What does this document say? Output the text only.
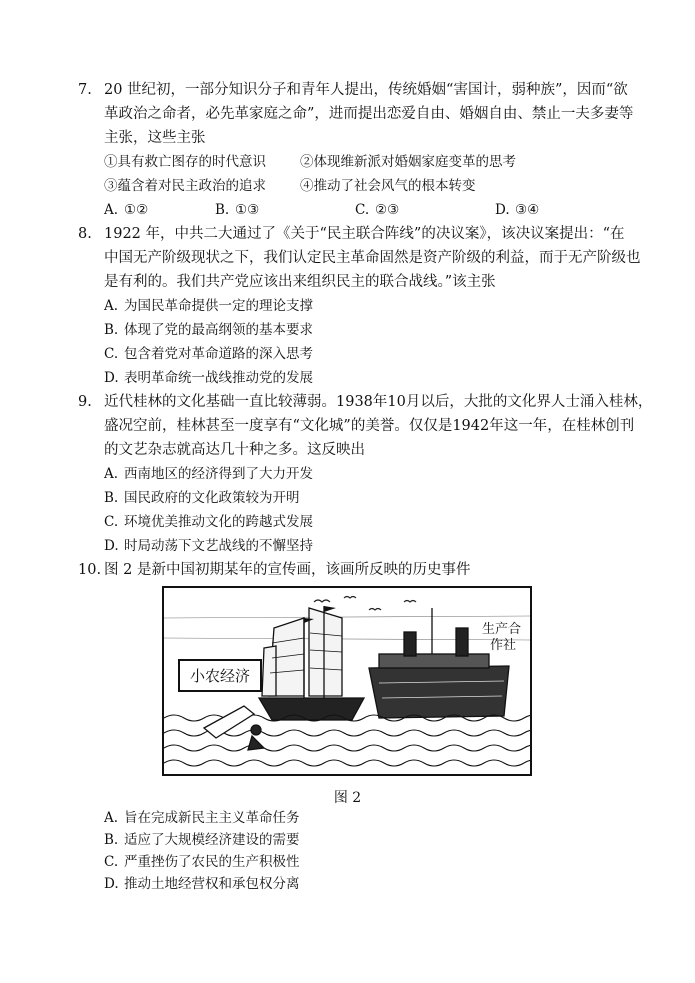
7. 20 世纪初，一部分知识分子和青年人提出，传统婚姻“害国计，弱种族”，因而“欲
革政治之命者，必先革家庭之命”，进而提出恋爱自由、婚姻自由、禁止一夫多妻等
主张，这些主张
①具有救亡图存的时代意识	②体现维新派对婚姻家庭变革的思考
③蕴含着对民主政治的追求	④推动了社会风气的根本转变
A. ①②	B. ①③	C. ②③	D. ③④
8. 1922 年，中共二大通过了《关于“民主联合阵线”的决议案》，该决议案提出：“在
中国无产阶级现状之下，我们认定民主革命固然是资产阶级的利益，而于无产阶级也
是有利的。我们共产党应该出来组织民主的联合战线。”该主张
A. 为国民革命提供一定的理论支撑
B. 体现了党的最高纲领的基本要求
C. 包含着党对革命道路的深入思考
D. 表明革命统一战线推动党的发展
9. 近代桂林的文化基础一直比较薄弱。1938年10月以后，大批的文化界人士涌入桂林，
盛况空前，桂林甚至一度享有“文化城”的美誉。仅仅是1942年这一年，在桂林创刊
的文艺杂志就高达几十种之多。这反映出
A. 西南地区的经济得到了大力开发
B. 国民政府的文化政策较为开明
C. 环境优美推动文化的跨越式发展
D. 时局动荡下文艺战线的不懈坚持
10. 图 2 是新中国初期某年的宣传画，该画所反映的历史事件
小农经济
生产合
作社
图 2
A. 旨在完成新民主主义革命任务
B. 适应了大规模经济建设的需要
C. 严重挫伤了农民的生产积极性
D. 推动土地经营权和承包权分离
